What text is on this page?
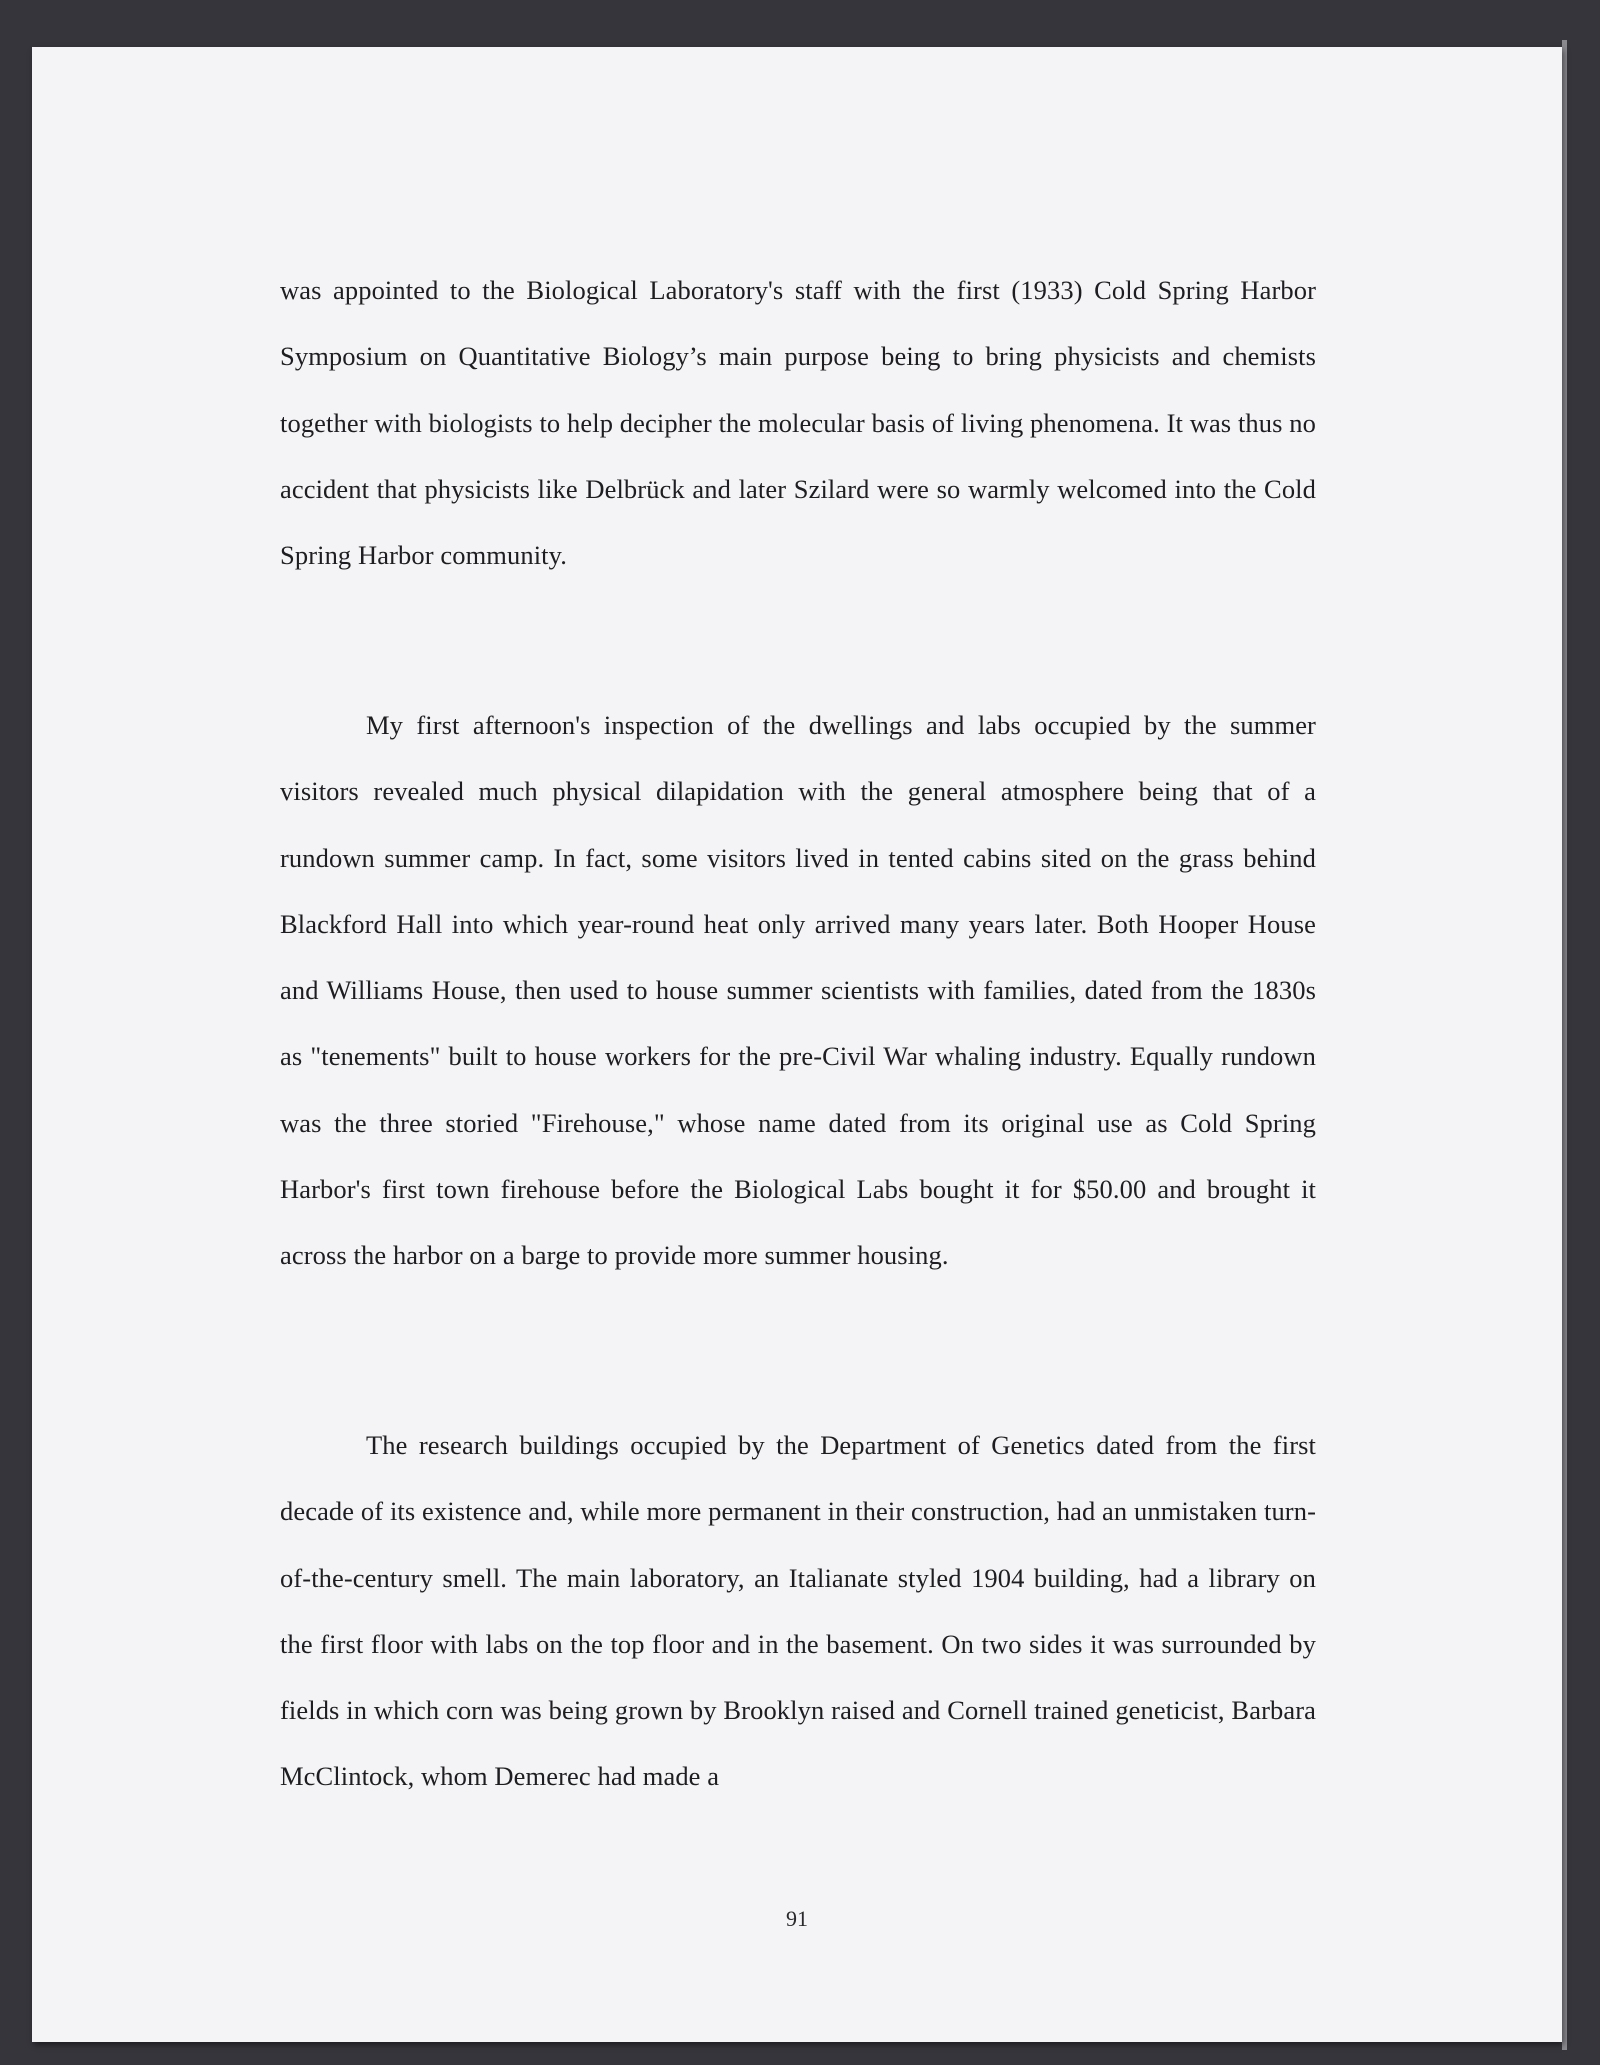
was appointed to the Biological Laboratory's staff with the first (1933) Cold Spring Harbor Symposium on Quantitative Biology’s main purpose being to bring physicists and chemists together with biologists to help decipher the molecular basis of living phenomena. It was thus no accident that physicists like Delbrück and later Szilard were so warmly welcomed into the Cold Spring Harbor community.

My first afternoon's inspection of the dwellings and labs occupied by the summer visitors revealed much physical dilapidation with the general atmosphere being that of a rundown summer camp. In fact, some visitors lived in tented cabins sited on the grass behind Blackford Hall into which year-round heat only arrived many years later. Both Hooper House and Williams House, then used to house summer scientists with families, dated from the 1830s as "tenements" built to house workers for the pre-Civil War whaling industry. Equally rundown was the three storied "Firehouse," whose name dated from its original use as Cold Spring Harbor's first town firehouse before the Biological Labs bought it for $50.00 and brought it across the harbor on a barge to provide more summer housing.

The research buildings occupied by the Department of Genetics dated from the first decade of its existence and, while more permanent in their construction, had an unmistaken turn-of-the-century smell. The main laboratory, an Italianate styled 1904 building, had a library on the first floor with labs on the top floor and in the basement. On two sides it was surrounded by fields in which corn was being grown by Brooklyn raised and Cornell trained geneticist, Barbara McClintock, whom Demerec had made a

91
